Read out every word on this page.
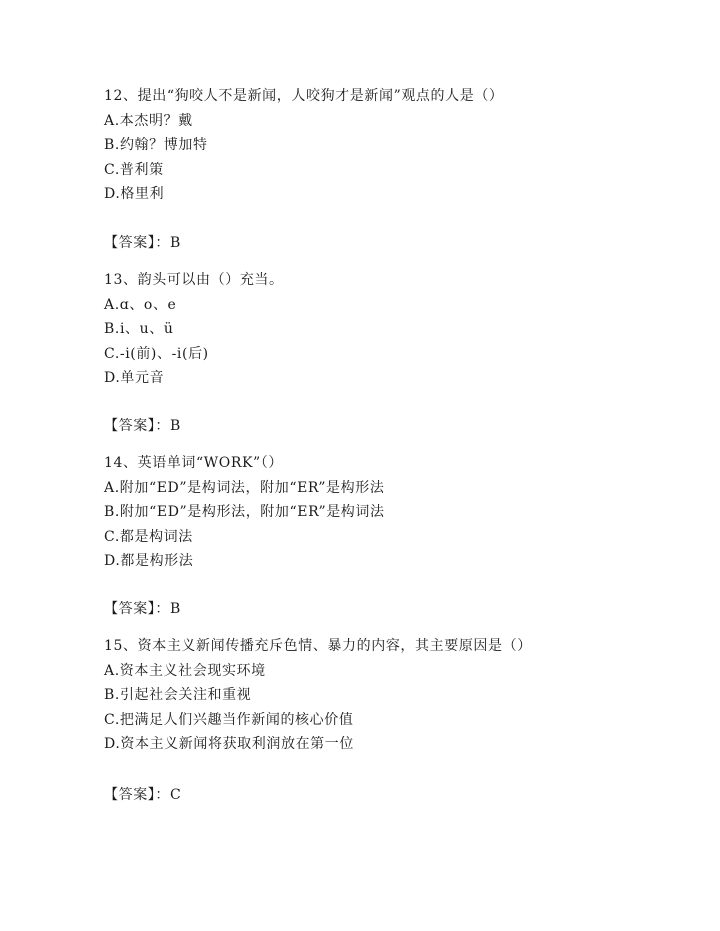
12、提出“狗咬人不是新闻，人咬狗才是新闻”观点的人是（）
A.本杰明？戴
B.约翰？博加特
C.普利策
D.格里利
【答案】：B
13、韵头可以由（）充当。
A.ɑ、o、e
B.i、u、ü
C.-i(前)、-i(后)
D.单元音
【答案】：B
14、英语单词“WORK”（）
A.附加“ED”是构词法，附加“ER”是构形法
B.附加“ED”是构形法，附加“ER”是构词法
C.都是构词法
D.都是构形法
【答案】：B
15、资本主义新闻传播充斥色情、暴力的内容，其主要原因是（）
A.资本主义社会现实环境
B.引起社会关注和重视
C.把满足人们兴趣当作新闻的核心价值
D.资本主义新闻将获取利润放在第一位
【答案】：C
